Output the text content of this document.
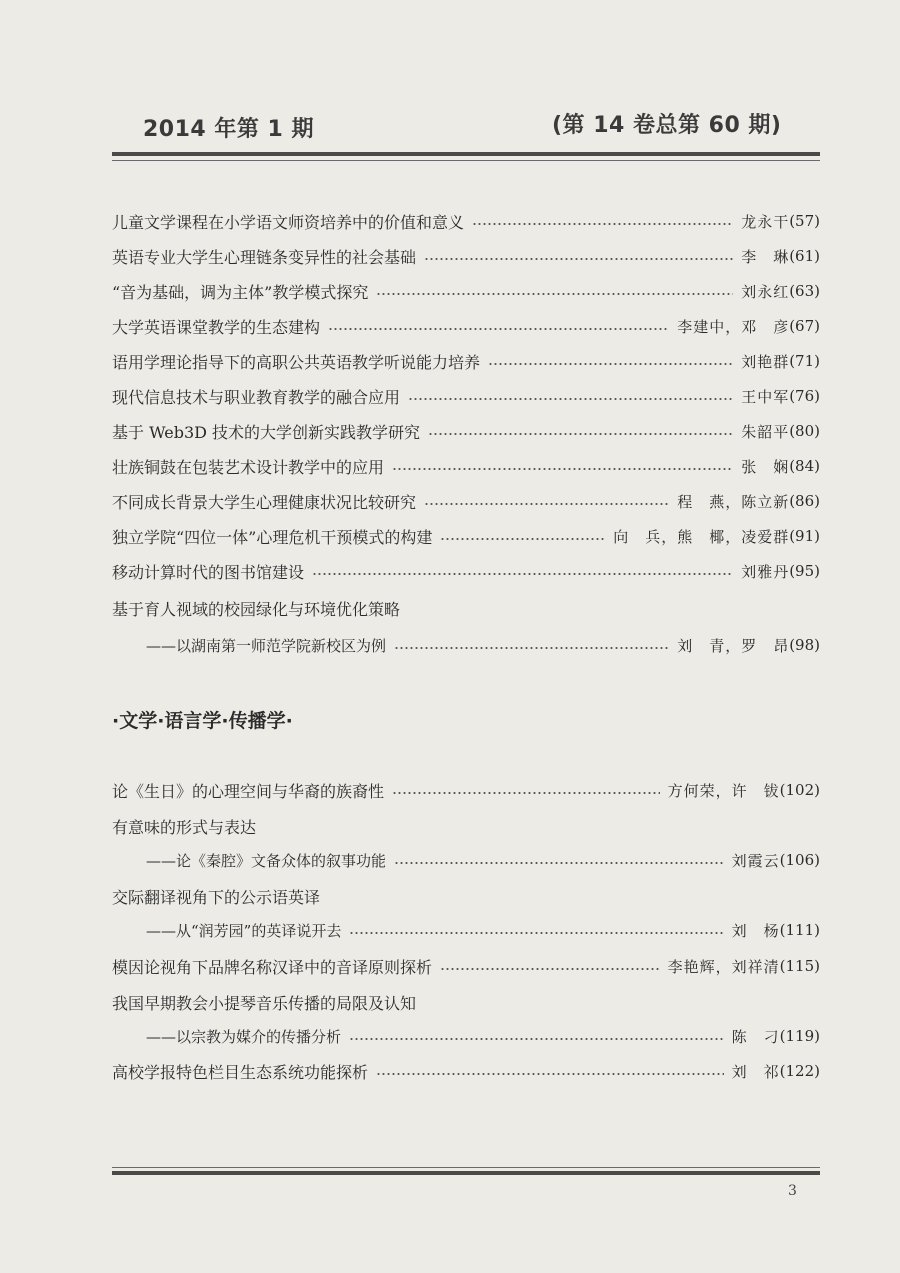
2014 年第 1 期	(第 14 卷总第 60 期)
儿童文学课程在小学语文师资培养中的价值和意义	龙永干 (57)
英语专业大学生心理链条变异性的社会基础	李　琳 (61)
“音为基础，调为主体”教学模式探究	刘永红 (63)
大学英语课堂教学的生态建构	李建中，邓　彦 (67)
语用学理论指导下的高职公共英语教学听说能力培养	刘艳群 (71)
现代信息技术与职业教育教学的融合应用	王中军 (76)
基于 Web3D 技术的大学创新实践教学研究	朱韶平 (80)
壮族铜鼓在包装艺术设计教学中的应用	张　娴 (84)
不同成长背景大学生心理健康状况比较研究	程　燕，陈立新 (86)
独立学院“四位一体”心理危机干预模式的构建	向　兵，熊　椰，凌爱群 (91)
移动计算时代的图书馆建设	刘雅丹 (95)
基于育人视域的校园绿化与环境优化策略
——以湖南第一师范学院新校区为例	刘　青，罗　昂 (98)
·文学·语言学·传播学·
论《生日》的心理空间与华裔的族裔性	方何荣，许　钹 (102)
有意味的形式与表达
——论《秦腔》文备众体的叙事功能	刘霞云 (106)
交际翻译视角下的公示语英译
——从“润芳园”的英译说开去	刘　杨 (111)
模因论视角下品牌名称汉译中的音译原则探析	李艳辉，刘祥清 (115)
我国早期教会小提琴音乐传播的局限及认知
——以宗教为媒介的传播分析	陈　刁 (119)
高校学报特色栏目生态系统功能探析	刘　祁 (122)
3
